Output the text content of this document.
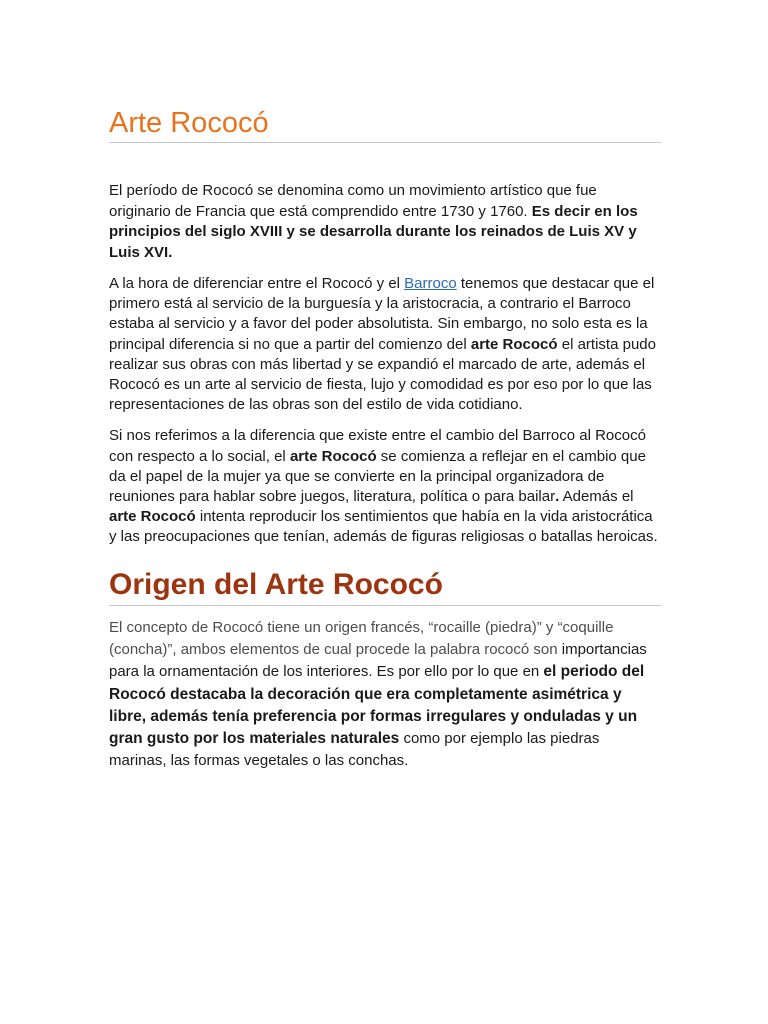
Arte Rococó

El período de Rococó se denomina como un movimiento artístico que fue originario de Francia que está comprendido entre 1730 y 1760. Es decir en los principios del siglo XVIII y se desarrolla durante los reinados de Luis XV y Luis XVI.

A la hora de diferenciar entre el Rococó y el Barroco tenemos que destacar que el primero está al servicio de la burguesía y la aristocracia, a contrario el Barroco estaba al servicio y a favor del poder absolutista. Sin embargo, no solo esta es la principal diferencia si no que a partir del comienzo del arte Rococó el artista pudo realizar sus obras con más libertad y se expandió el marcado de arte, además el Rococó es un arte al servicio de fiesta, lujo y comodidad es por eso por lo que las representaciones de las obras son del estilo de vida cotidiano.

Si nos referimos a la diferencia que existe entre el cambio del Barroco al Rococó con respecto a lo social, el arte Rococó se comienza a reflejar en el cambio que da el papel de la mujer ya que se convierte en la principal organizadora de reuniones para hablar sobre juegos, literatura, política o para bailar. Además el arte Rococó intenta reproducir los sentimientos que había en la vida aristocrática y las preocupaciones que tenían, además de figuras religiosas o batallas heroicas.

Origen del Arte Rococó

El concepto de Rococó tiene un origen francés, “rocaille (piedra)” y “coquille (concha)”, ambos elementos de cual procede la palabra rococó son importancias para la ornamentación de los interiores. Es por ello por lo que en el periodo del Rococó destacaba la decoración que era completamente asimétrica y libre, además tenía preferencia por formas irregulares y onduladas y un gran gusto por los materiales naturales como por ejemplo las piedras marinas, las formas vegetales o las conchas.
